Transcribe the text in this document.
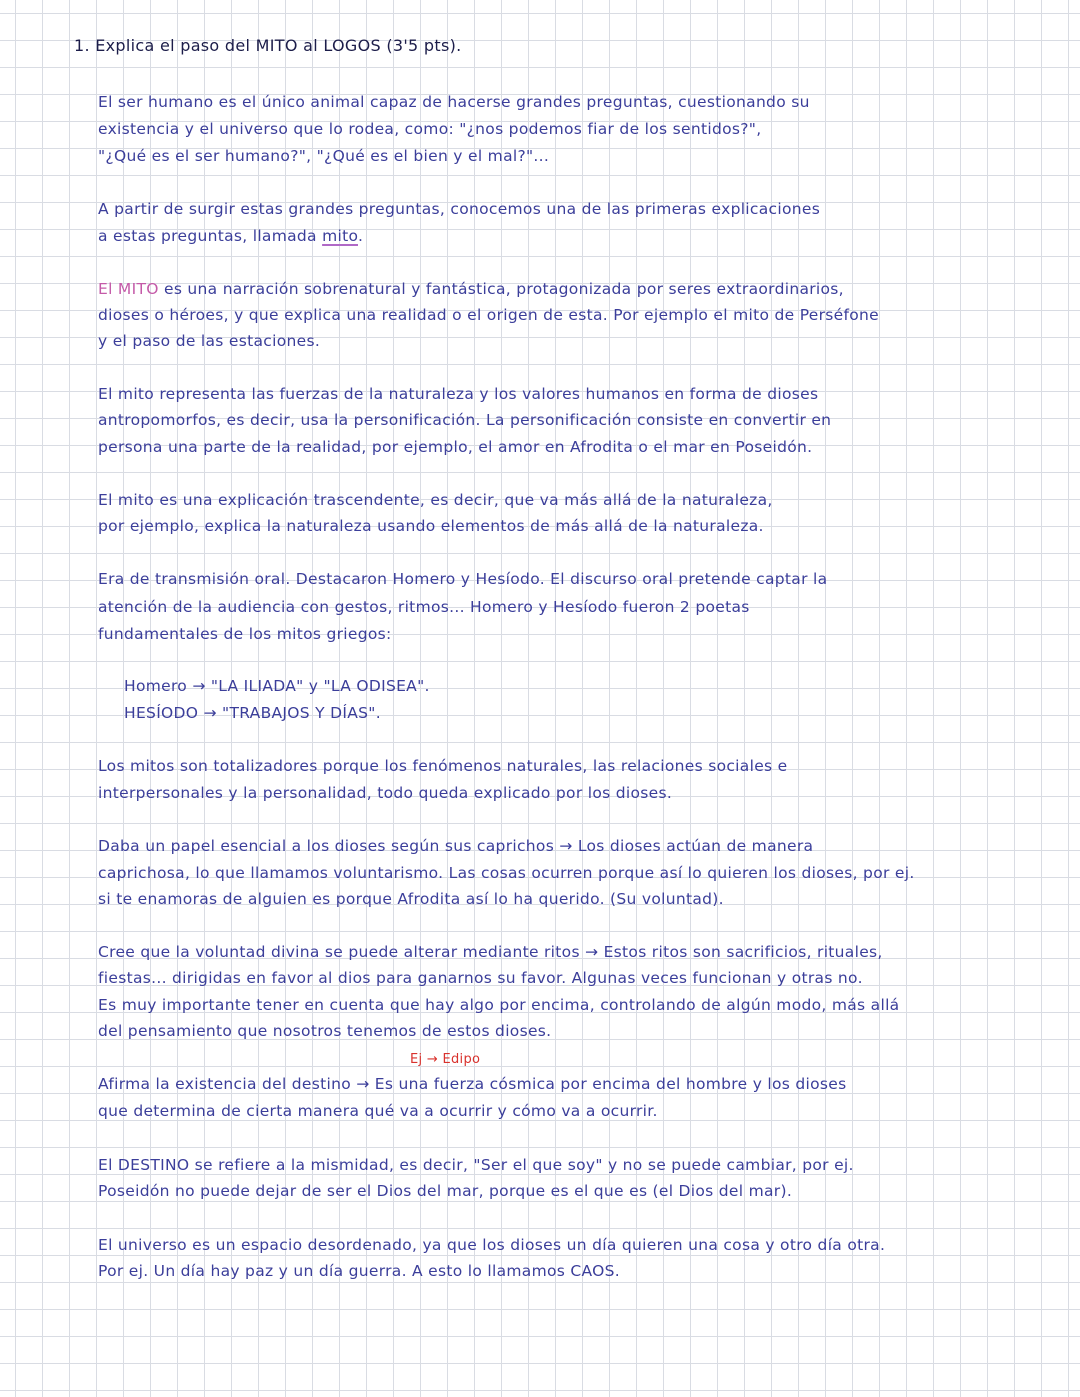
1. Explica el paso del MITO al LOGOS (3'5 pts).
El ser humano es el único animal capaz de hacerse grandes preguntas, cuestionando su
existencia y el universo que lo rodea, como: "¿nos podemos fiar de los sentidos?",
"¿Qué es el ser humano?", "¿Qué es el bien y el mal?"...
A partir de surgir estas grandes preguntas, conocemos una de las primeras explicaciones
a estas preguntas, llamada mito.
El MITO es una narración sobrenatural y fantástica, protagonizada por seres extraordinarios,
dioses o héroes, y que explica una realidad o el origen de esta. Por ejemplo el mito de Perséfone
y el paso de las estaciones.
El mito representa las fuerzas de la naturaleza y los valores humanos en forma de dioses
antropomorfos, es decir, usa la personificación. La personificación consiste en convertir en
persona una parte de la realidad, por ejemplo, el amor en Afrodita o el mar en Poseidón.
El mito es una explicación trascendente, es decir, que va más allá de la naturaleza,
por ejemplo, explica la naturaleza usando elementos de más allá de la naturaleza.
Era de transmisión oral. Destacaron Homero y Hesíodo. El discurso oral pretende captar la
atención de la audiencia con gestos, ritmos... Homero y Hesíodo fueron 2 poetas
fundamentales de los mitos griegos:
Homero → "LA ILIADA" y "LA ODISEA".
HESÍODO → "TRABAJOS Y DÍAS".
Los mitos son totalizadores porque los fenómenos naturales, las relaciones sociales e
interpersonales y la personalidad, todo queda explicado por los dioses.
Daba un papel esencial a los dioses según sus caprichos → Los dioses actúan de manera
caprichosa, lo que llamamos voluntarismo. Las cosas ocurren porque así lo quieren los dioses, por ej.
si te enamoras de alguien es porque Afrodita así lo ha querido. (Su voluntad).
Cree que la voluntad divina se puede alterar mediante ritos → Estos ritos son sacrificios, rituales,
fiestas... dirigidas en favor al dios para ganarnos su favor. Algunas veces funcionan y otras no.
Es muy importante tener en cuenta que hay algo por encima, controlando de algún modo, más allá
del pensamiento que nosotros tenemos de estos dioses.
Ej → Edipo
Afirma la existencia del destino → Es una fuerza cósmica por encima del hombre y los dioses
que determina de cierta manera qué va a ocurrir y cómo va a ocurrir.
El DESTINO se refiere a la mismidad, es decir, "Ser el que soy" y no se puede cambiar, por ej.
Poseidón no puede dejar de ser el Dios del mar, porque es el que es (el Dios del mar).
El universo es un espacio desordenado, ya que los dioses un día quieren una cosa y otro día otra.
Por ej. Un día hay paz y un día guerra. A esto lo llamamos CAOS.
